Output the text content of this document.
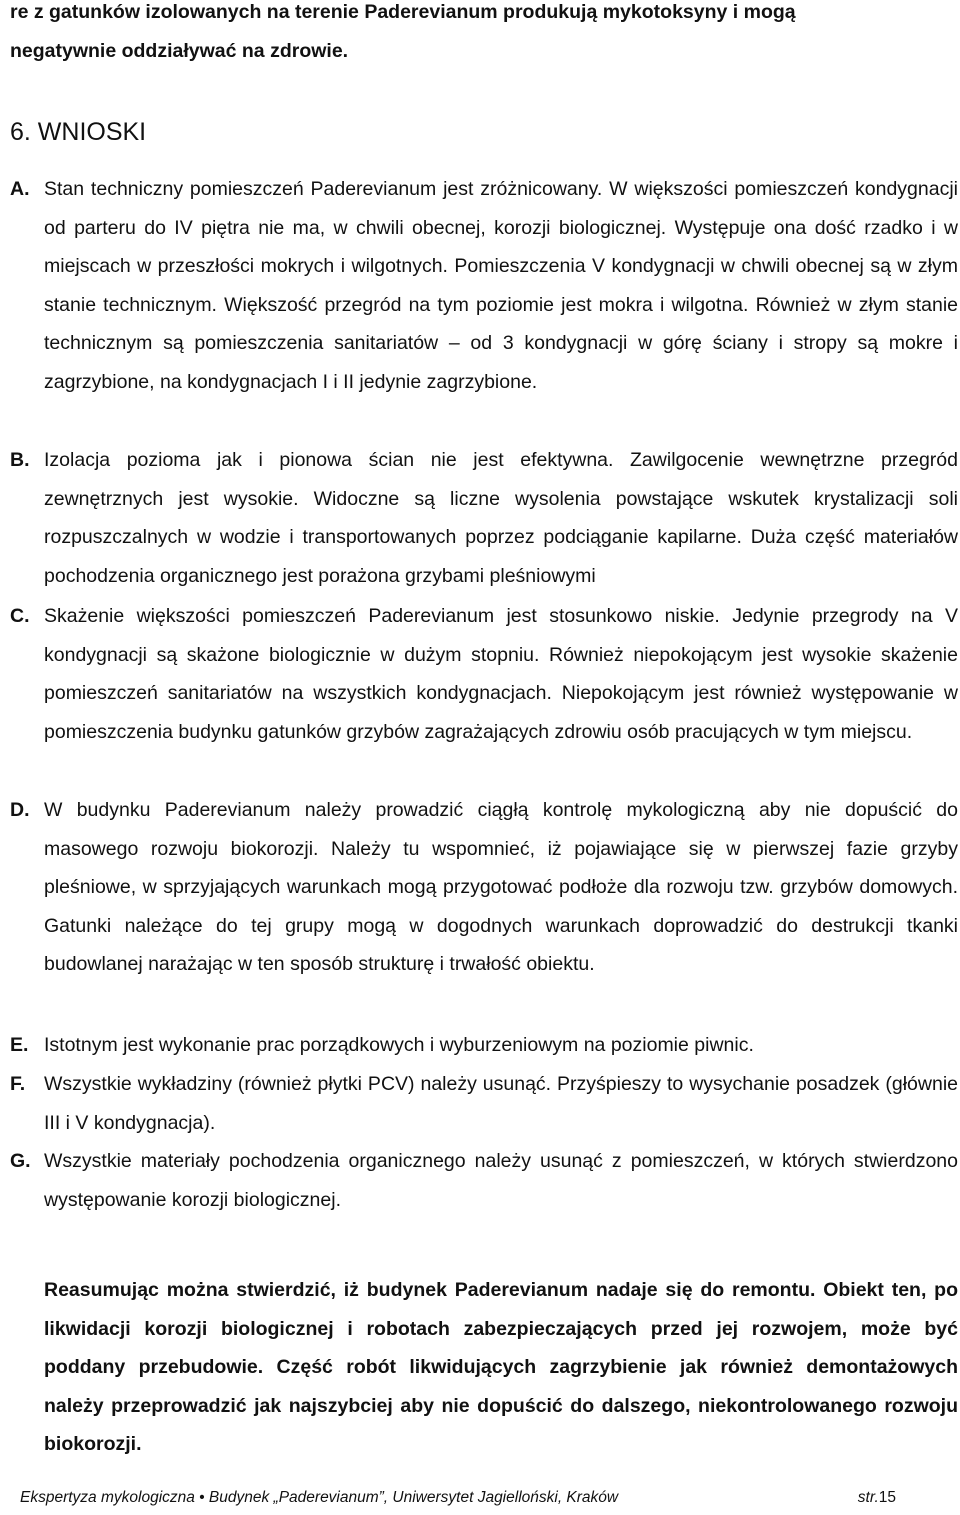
re z gatunków izolowanych na terenie Paderevianum produkują mykotoksyny i mogą
negatywnie oddziaływać na zdrowie.
6. WNIOSKI
A. Stan techniczny pomieszczeń Paderevianum jest zróżnicowany. W większości pomieszczeń kondygnacji od parteru do IV piętra nie ma, w chwili obecnej, korozji biologicznej. Występuje ona dość rzadko i w miejscach w przeszłości mokrych i wilgotnych. Pomieszczenia V kondygnacji w chwili obecnej są w złym stanie technicznym. Większość przegród na tym poziomie jest mokra i wilgotna. Również w złym stanie technicznym są pomieszczenia sanitariatów – od 3 kondygnacji w górę ściany i stropy są mokre i zagrzybione, na kondygnacjach I i II jedynie zagrzybione.
B. Izolacja pozioma jak i pionowa ścian nie jest efektywna. Zawilgocenie wewnętrzne przegród zewnętrznych jest wysokie. Widoczne są liczne wysolenia powstające wskutek krystalizacji soli rozpuszczalnych w wodzie i transportowanych poprzez podciąganie kapilarne. Duża część materiałów pochodzenia organicznego jest porażona grzybami pleśniowymi
C. Skażenie większości pomieszczeń Paderevianum jest stosunkowo niskie. Jedynie przegrody na V kondygnacji są skażone biologicznie w dużym stopniu. Również niepokojącym jest wysokie skażenie pomieszczeń sanitariatów na wszystkich kondygnacjach. Niepokojącym jest również występowanie w pomieszczenia budynku gatunków grzybów zagrażających zdrowiu osób pracujących w tym miejscu.
D. W budynku Paderevianum należy prowadzić ciągłą kontrolę mykologiczną aby nie dopuścić do masowego rozwoju biokorozji. Należy tu wspomnieć, iż pojawiające się w pierwszej fazie grzyby pleśniowe, w sprzyjających warunkach mogą przygotować podłoże dla rozwoju tzw. grzybów domowych. Gatunki należące do tej grupy mogą w dogodnych warunkach doprowadzić do destrukcji tkanki budowlanej narażając w ten sposób strukturę i trwałość obiektu.
E. Istotnym jest wykonanie prac porządkowych i wyburzeniowym na poziomie piwnic.
F. Wszystkie wykładziny (również płytki PCV) należy usunąć. Przyśpieszy to wysychanie posadzek (głównie III i V kondygnacja).
G. Wszystkie materiały pochodzenia organicznego należy usunąć z pomieszczeń, w których stwierdzono występowanie korozji biologicznej.
Reasumując można stwierdzić, iż budynek Paderevianum nadaje się do remontu. Obiekt ten, po likwidacji korozji biologicznej i robotach zabezpieczających przed jej rozwojem, może być poddany przebudowie. Część robót likwidujących zagrzybienie jak również demontażowych należy przeprowadzić jak najszybciej aby nie dopuścić do dalszego, niekontrolowanego rozwoju biokorozji.
Ekspertyza mykologiczna • Budynek „Paderevianum”, Uniwersytet Jagielloński, Kraków	str.15
